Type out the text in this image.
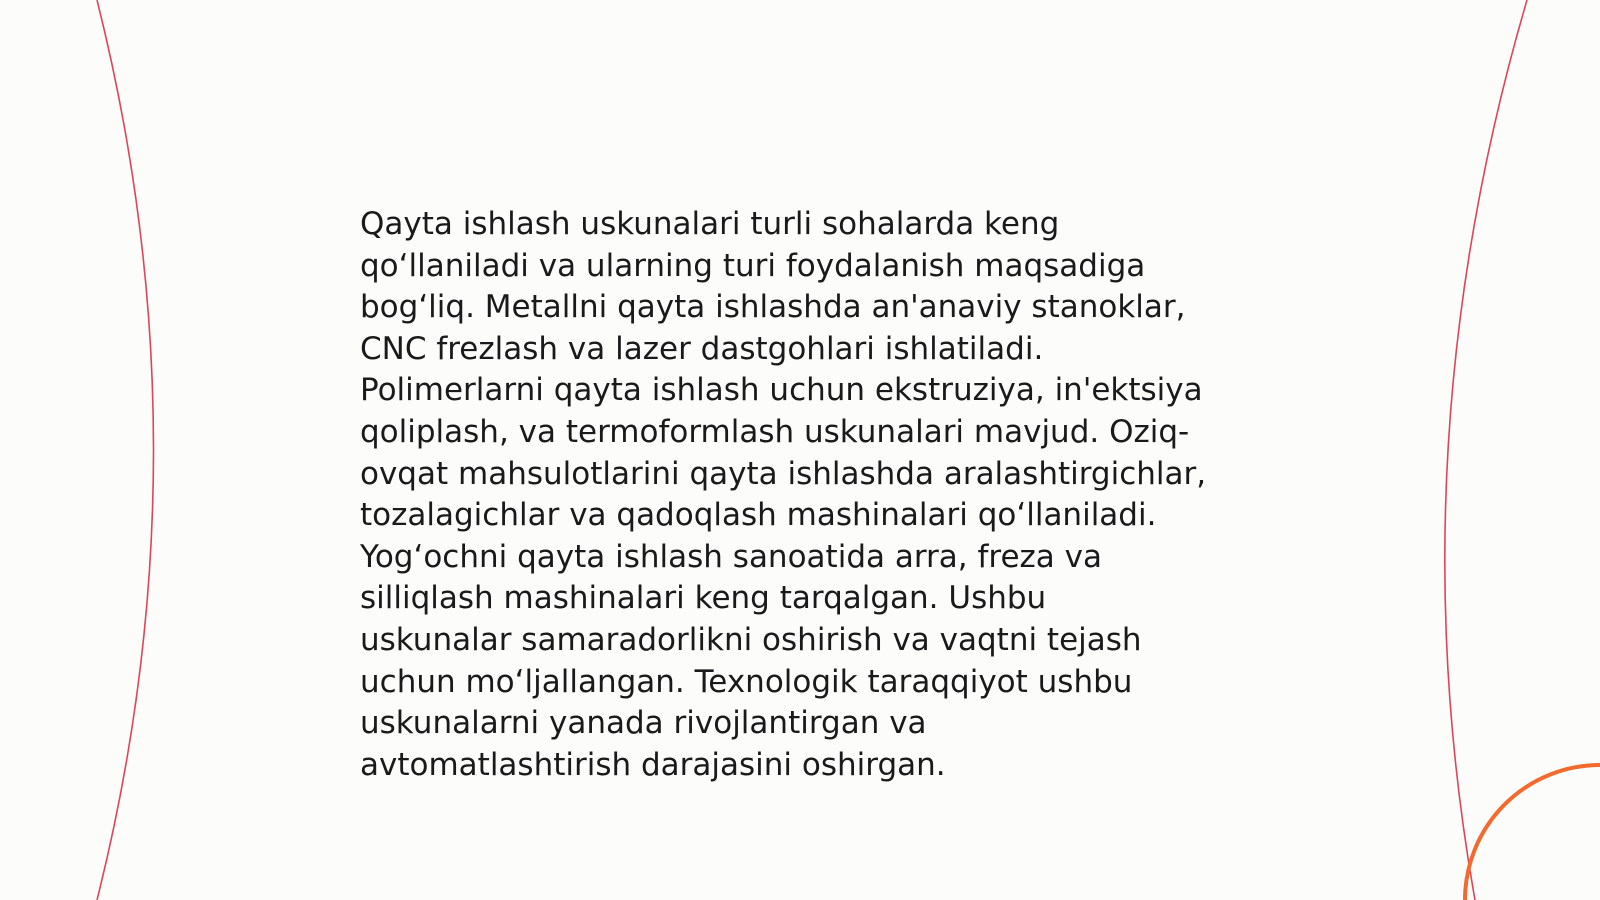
Qayta ishlash uskunalari turli sohalarda keng
qo‘llaniladi va ularning turi foydalanish maqsadiga
bog‘liq. Metallni qayta ishlashda an'anaviy stanoklar,
CNC frezlash va lazer dastgohlari ishlatiladi.
Polimerlarni qayta ishlash uchun ekstruziya, in'ektsiya
qoliplash, va termoformlash uskunalari mavjud. Oziq-
ovqat mahsulotlarini qayta ishlashda aralashtirgichlar,
tozalagichlar va qadoqlash mashinalari qo‘llaniladi.
Yog‘ochni qayta ishlash sanoatida arra, freza va
silliqlash mashinalari keng tarqalgan. Ushbu
uskunalar samaradorlikni oshirish va vaqtni tejash
uchun mo‘ljallangan. Texnologik taraqqiyot ushbu
uskunalarni yanada rivojlantirgan va
avtomatlashtirish darajasini oshirgan.
